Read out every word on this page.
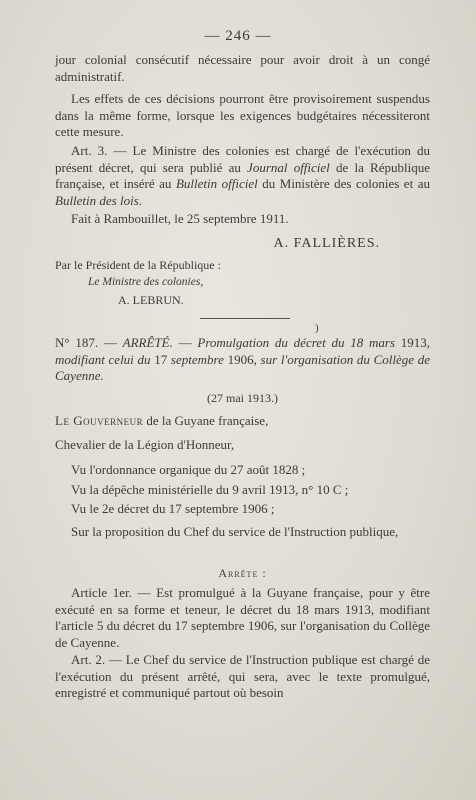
— 246 —
jour colonial consécutif nécessaire pour avoir droit à un congé administratif.
Les effets de ces décisions pourront être provisoirement suspendus dans la même forme, lorsque les exigences budgétaires nécessiteront cette mesure.
Art. 3. — Le Ministre des colonies est chargé de l'exécution du présent décret, qui sera publié au Journal officiel de la République française, et inséré au Bulletin officiel du Ministère des colonies et au Bulletin des lois.
Fait à Rambouillet, le 25 septembre 1911.
A. FALLIÈRES.
Par le Président de la République :
Le Ministre des colonies,
A. LEBRUN.
)
N° 187. — ARRÊTÉ. — Promulgation du décret du 18 mars 1913, modifiant celui du 17 septembre 1906, sur l'organisation du Collège de Cayenne.
(27 mai 1913.)
Le Gouverneur de la Guyane française,
Chevalier de la Légion d'Honneur,
Vu l'ordonnance organique du 27 août 1828 ;
Vu la dépêche ministérielle du 9 avril 1913, n° 10 C ;
Vu le 2e décret du 17 septembre 1906 ;
Sur la proposition du Chef du service de l'Instruction publique,
Arrête :
Article 1er. — Est promulgué à la Guyane française, pour y être exécuté en sa forme et teneur, le décret du 18 mars 1913, modifiant l'article 5 du décret du 17 septembre 1906, sur l'organisation du Collège de Cayenne.
Art. 2. — Le Chef du service de l'Instruction publique est chargé de l'exécution du présent arrêté, qui sera, avec le texte promulgué, enregistré et communiqué partout où besoin
